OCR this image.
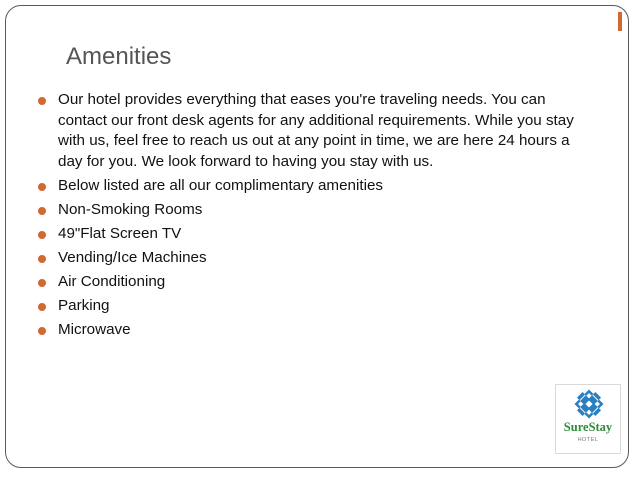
Amenities
Our hotel provides everything that eases you're traveling needs. You can contact our front desk agents for any additional requirements. While you stay with us, feel free to reach us out at any point in time, we are here 24 hours a day for you. We look forward to having you stay with us.
Below listed are all our complimentary amenities
Non-Smoking Rooms
49"Flat Screen TV
Vending/Ice Machines
Air Conditioning
Parking
Microwave
SureStay
HOTEL
